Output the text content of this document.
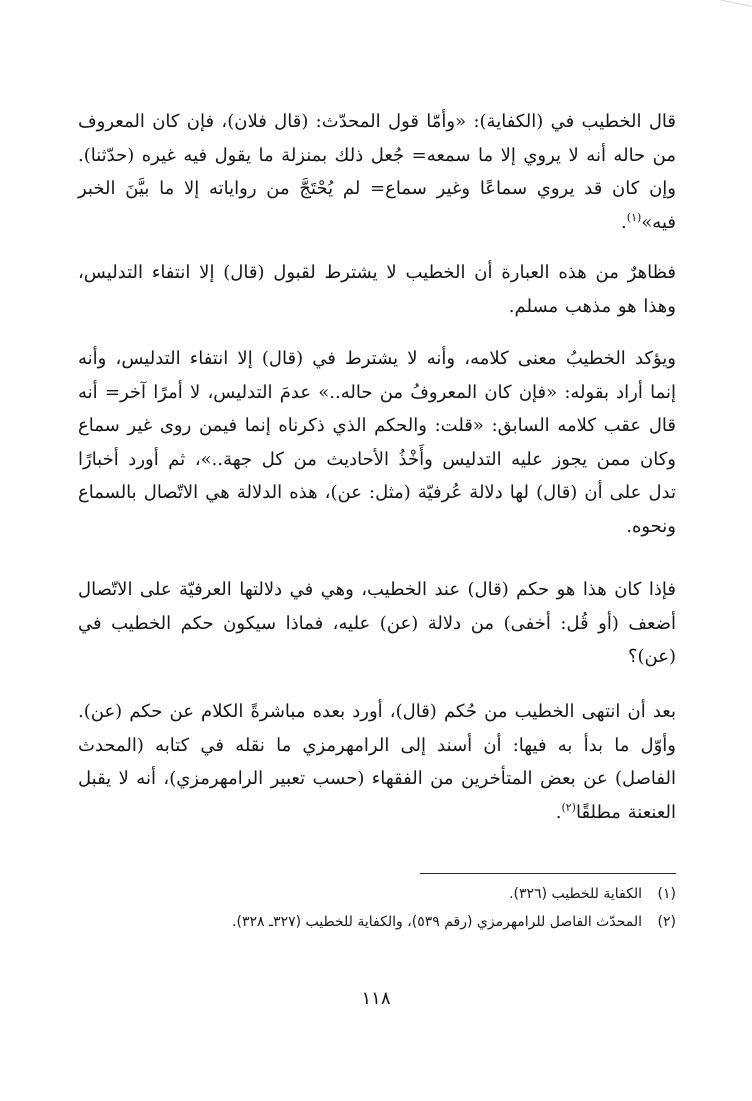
قال الخطيب في (الكفاية): «وأمّا قول المحدّث: (قال فلان)، فإن كان المعروف من حاله أنه لا يروي إلا ما سمعه= جُعل ذلك بمنزلة ما يقول فيه غيره (حدّثنا). وإن كان قد يروي سماعًا وغير سماع= لم يُحْتَجَّ من رواياته إلا ما بيَّنَ الخبر فيه»$^{(١)}$.

فظاهرٌ من هذه العبارة أن الخطيب لا يشترط لقبول (قال) إلا انتفاء التدليس، وهذا هو مذهب مسلم.

ويؤكد الخطيبُ معنى كلامه، وأنه لا يشترط في (قال) إلا انتفاء التدليس، وأنه إنما أراد بقوله: «فإن كان المعروفُ من حاله..» عدمَ التدليس، لا أمرًا آخر= أنه قال عقب كلامه السابق: «قلت: والحكم الذي ذكرناه إنما فيمن روى غير سماع وكان ممن يجوز عليه التدليس وأَخْذُ الأحاديث من كل جهة..»، ثم أورد أخبارًا تدل على أن (قال) لها دلالة عُرفيّة (مثل: عن)، هذه الدلالة هي الاتّصال بالسماع ونحوه.

فإذا كان هذا هو حكم (قال) عند الخطيب، وهي في دلالتها العرفيّة على الاتّصال أضعف (أو قُل: أخفى) من دلالة (عن) عليه، فماذا سيكون حكم الخطيب في (عن)؟

بعد أن انتهى الخطيب من حُكم (قال)، أورد بعده مباشرةً الكلام عن حكم (عن). وأوّل ما بدأ به فيها: أن أسند إلى الرامهرمزي ما نقله في كتابه (المحدث الفاصل) عن بعض المتأخرين من الفقهاء (حسب تعبير الرامهرمزي)، أنه لا يقبل العنعنة مطلقًا$^{(٢)}$.

(١)
الكفاية للخطيب (٣٢٦).
(٢)
المحدّث الفاصل للرامهرمزي (رقم ٥٣٩)، والكفاية للخطيب (٣٢٧ـ ٣٢٨).
١١٨
